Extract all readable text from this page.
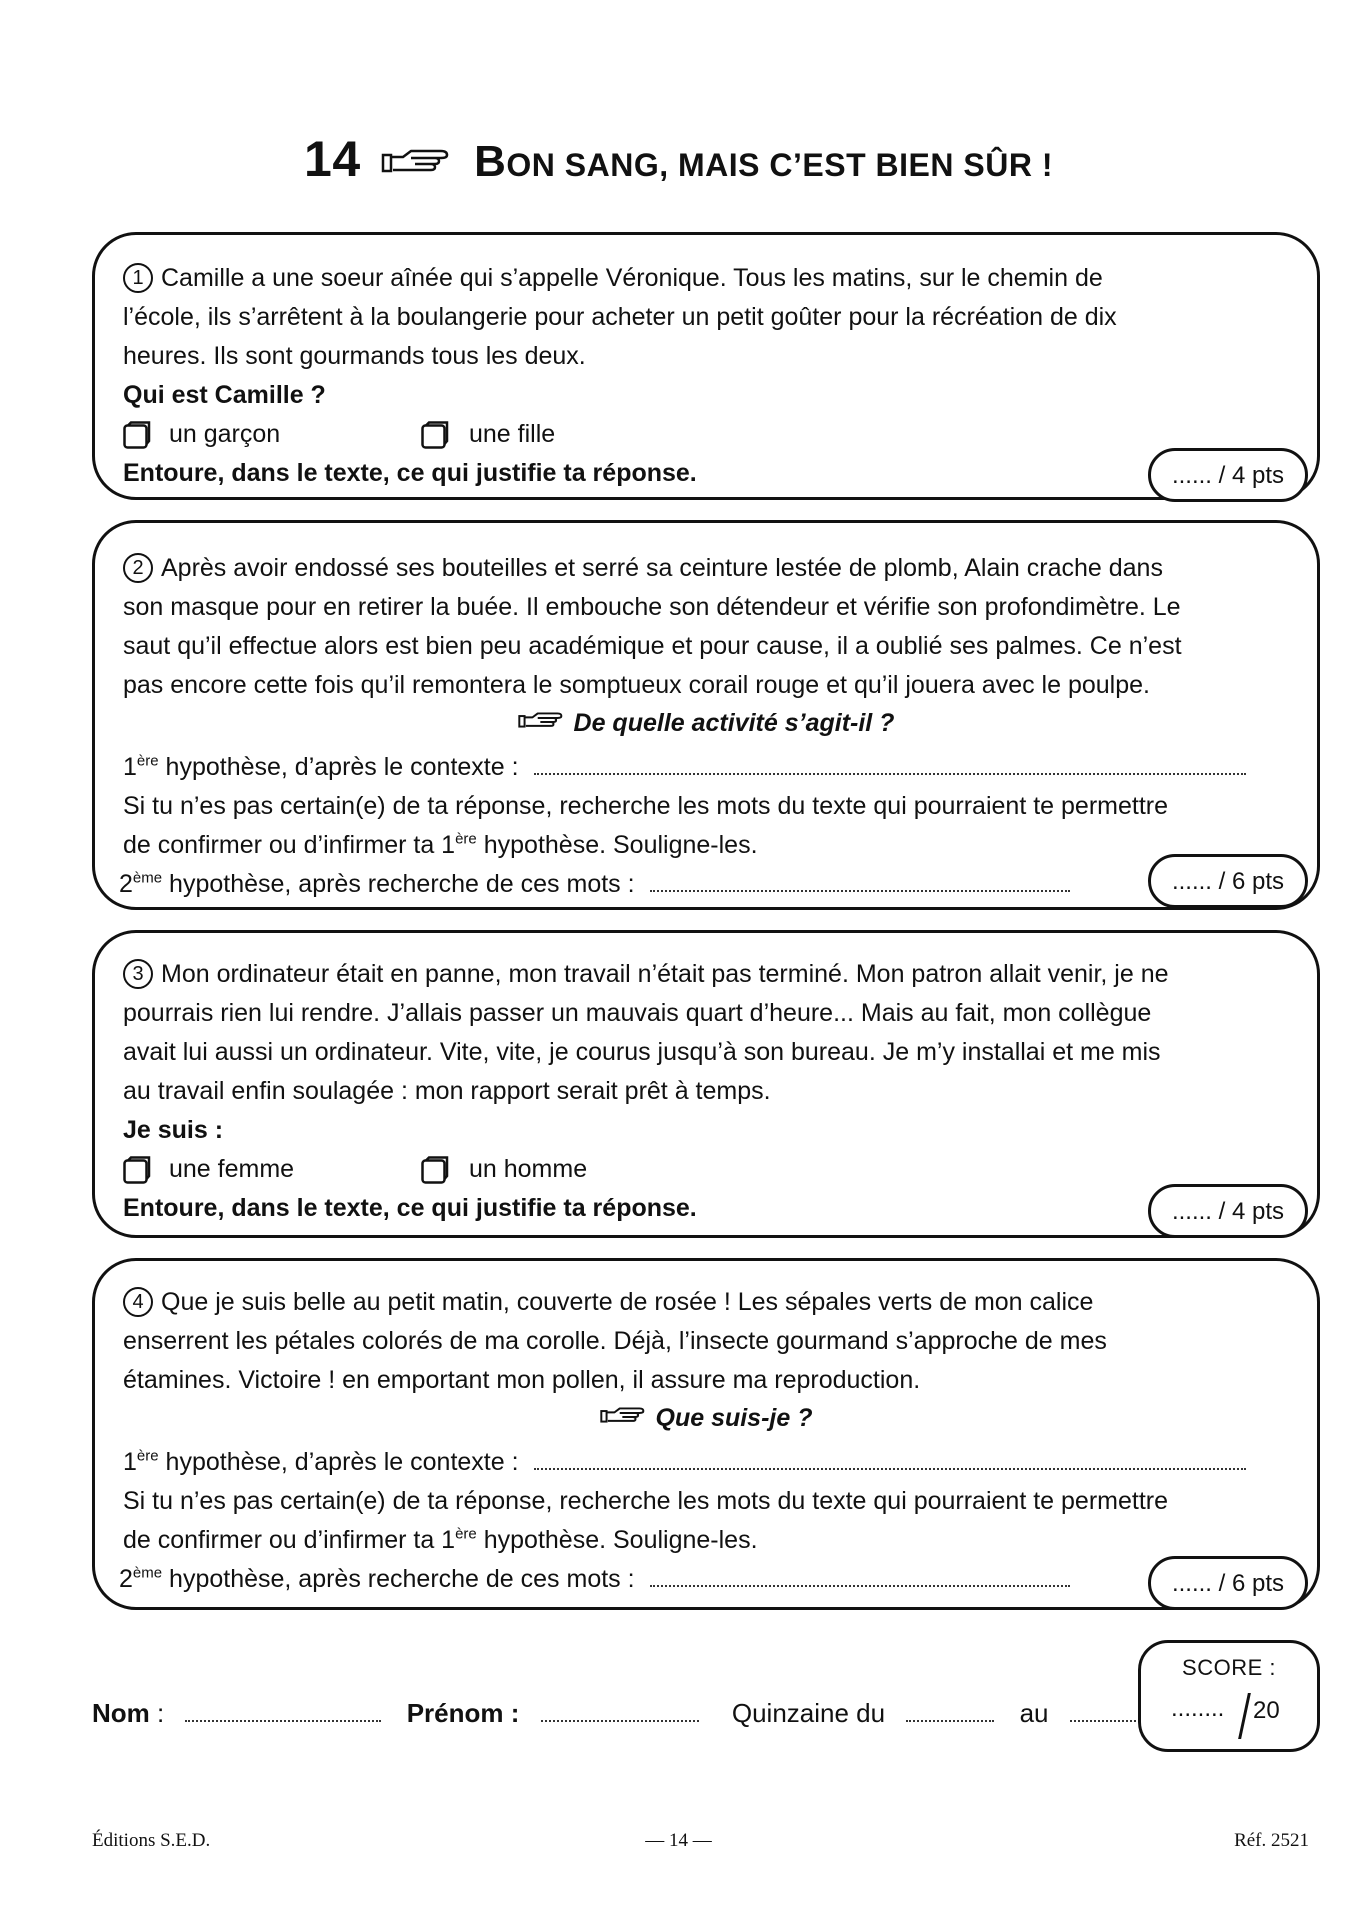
14	BON SANG, MAIS C’EST BIEN SÛR !
1 Camille a une soeur aînée qui s’appelle Véronique. Tous les matins, sur le chemin de
l’école, ils s’arrêtent à la boulangerie pour acheter un petit goûter pour la récréation de dix
heures. Ils sont gourmands tous les deux.
Qui est Camille ?
un garçon	une fille
Entoure, dans le texte, ce qui justifie ta réponse.	...... / 4 pts
2 Après avoir endossé ses bouteilles et serré sa ceinture lestée de plomb, Alain crache dans
son masque pour en retirer la buée. Il embouche son détendeur et vérifie son profondimètre. Le
saut qu’il effectue alors est bien peu académique et pour cause, il a oublié ses palmes. Ce n’est
pas encore cette fois qu’il remontera le somptueux corail rouge et qu’il jouera avec le poulpe.
De quelle activité s’agit-il ?
1ère hypothèse, d’après le contexte :
Si tu n’es pas certain(e) de ta réponse, recherche les mots du texte qui pourraient te permettre
de confirmer ou d’infirmer ta 1ère hypothèse. Souligne-les.
2ème hypothèse, après recherche de ces mots :	...... / 6 pts
3 Mon ordinateur était en panne, mon travail n’était pas terminé. Mon patron allait venir, je ne
pourrais rien lui rendre. J’allais passer un mauvais quart d’heure... Mais au fait, mon collègue
avait lui aussi un ordinateur. Vite, vite, je courus jusqu’à son bureau. Je m’y installai et me mis
au travail enfin soulagée : mon rapport serait prêt à temps.
Je suis :
une femme	un homme
Entoure, dans le texte, ce qui justifie ta réponse.	...... / 4 pts
4 Que je suis belle au petit matin, couverte de rosée ! Les sépales verts de mon calice
enserrent les pétales colorés de ma corolle. Déjà, l’insecte gourmand s’approche de mes
étamines. Victoire ! en emportant mon pollen, il assure ma reproduction.
Que suis-je ?
1ère hypothèse, d’après le contexte :
Si tu n’es pas certain(e) de ta réponse, recherche les mots du texte qui pourraient te permettre
de confirmer ou d’infirmer ta 1ère hypothèse. Souligne-les.
2ème hypothèse, après recherche de ces mots :	...... / 6 pts
Nom :	Prénom :	Quinzaine du	au
SCORE :
........ 20
Éditions S.E.D.	— 14 —	Réf. 2521
